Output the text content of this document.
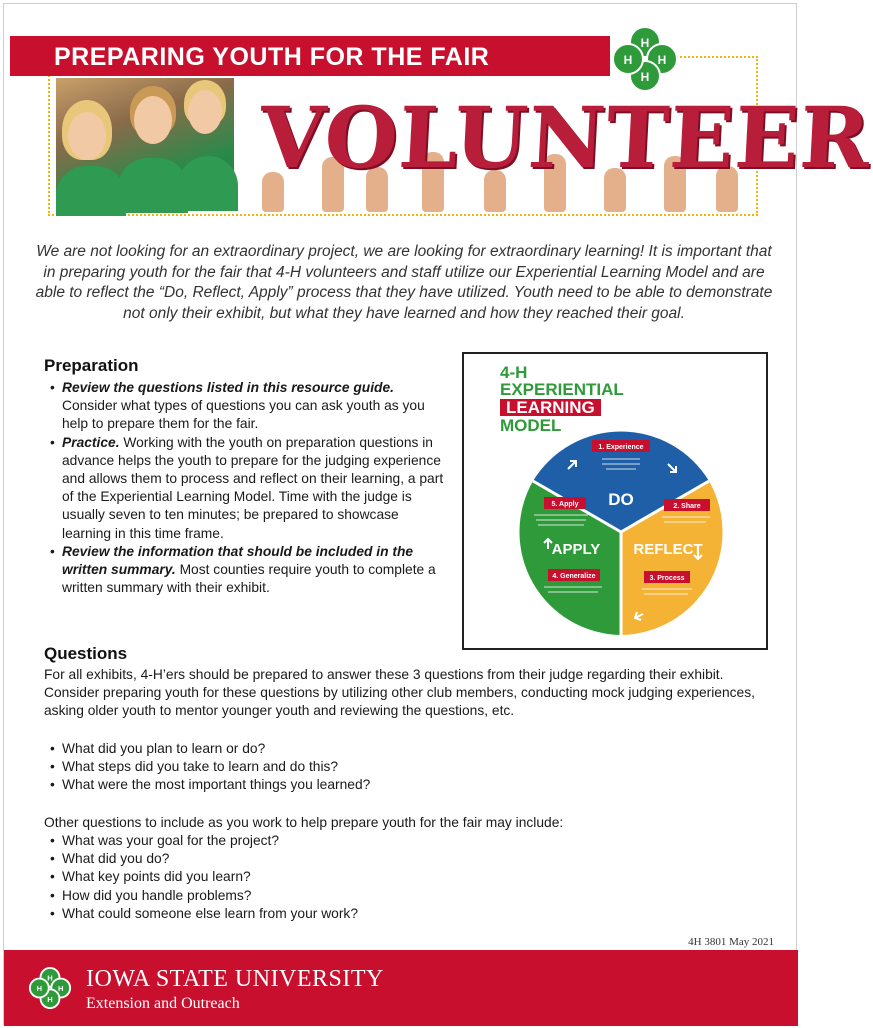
PREPARING YOUTH FOR THE FAIR	H
H
H
H
VOLUNTEER

We are not looking for an extraordinary project, we are looking for extraordinary learning! It is important that in preparing youth for the fair that 4-H volunteers and staff utilize our Experiential Learning Model and are able to reflect the “Do, Reflect, Apply” process that they have utilized. Youth need to be able to demonstrate not only their exhibit, but what they have learned and how they reached their goal.

Preparation
• Review the questions listed in this resource guide. Consider what types of questions you can ask youth as you help to prepare them for the fair.
• Practice. Working with the youth on preparation questions in advance helps the youth to prepare for the judging experience and allows them to process and reflect on their learning, a part of the Experiential Learning Model. Time with the judge is usually seven to ten minutes; be prepared to showcase learning in this time frame.
• Review the information that should be included in the written summary. Most counties require youth to complete a written summary with their exhibit.
4-H
EXPERIENTIAL
LEARNING
MODEL
1. Experience
2. Share
3. Process
4. Generalize
5. Apply DO
REFLECT
APPLY
Questions

For all exhibits, 4-H’ers should be prepared to answer these 3 questions from their judge regarding their exhibit. Consider preparing youth for these questions by utilizing other club members, conducting mock judging experiences, asking older youth to mentor younger youth and reviewing the questions, etc.

• What did you plan to learn or do?
• What steps did you take to learn and do this?
• What were the most important things you learned?

Other questions to include as you work to help prepare youth for the fair may include:

• What was your goal for the project?
• What did you do?
• What key points did you learn?
• How did you handle problems?
• What could someone else learn from your work?
4H 3801 May 2021
H
H
H
H IOWA STATE UNIVERSITY
Extension and Outreach
